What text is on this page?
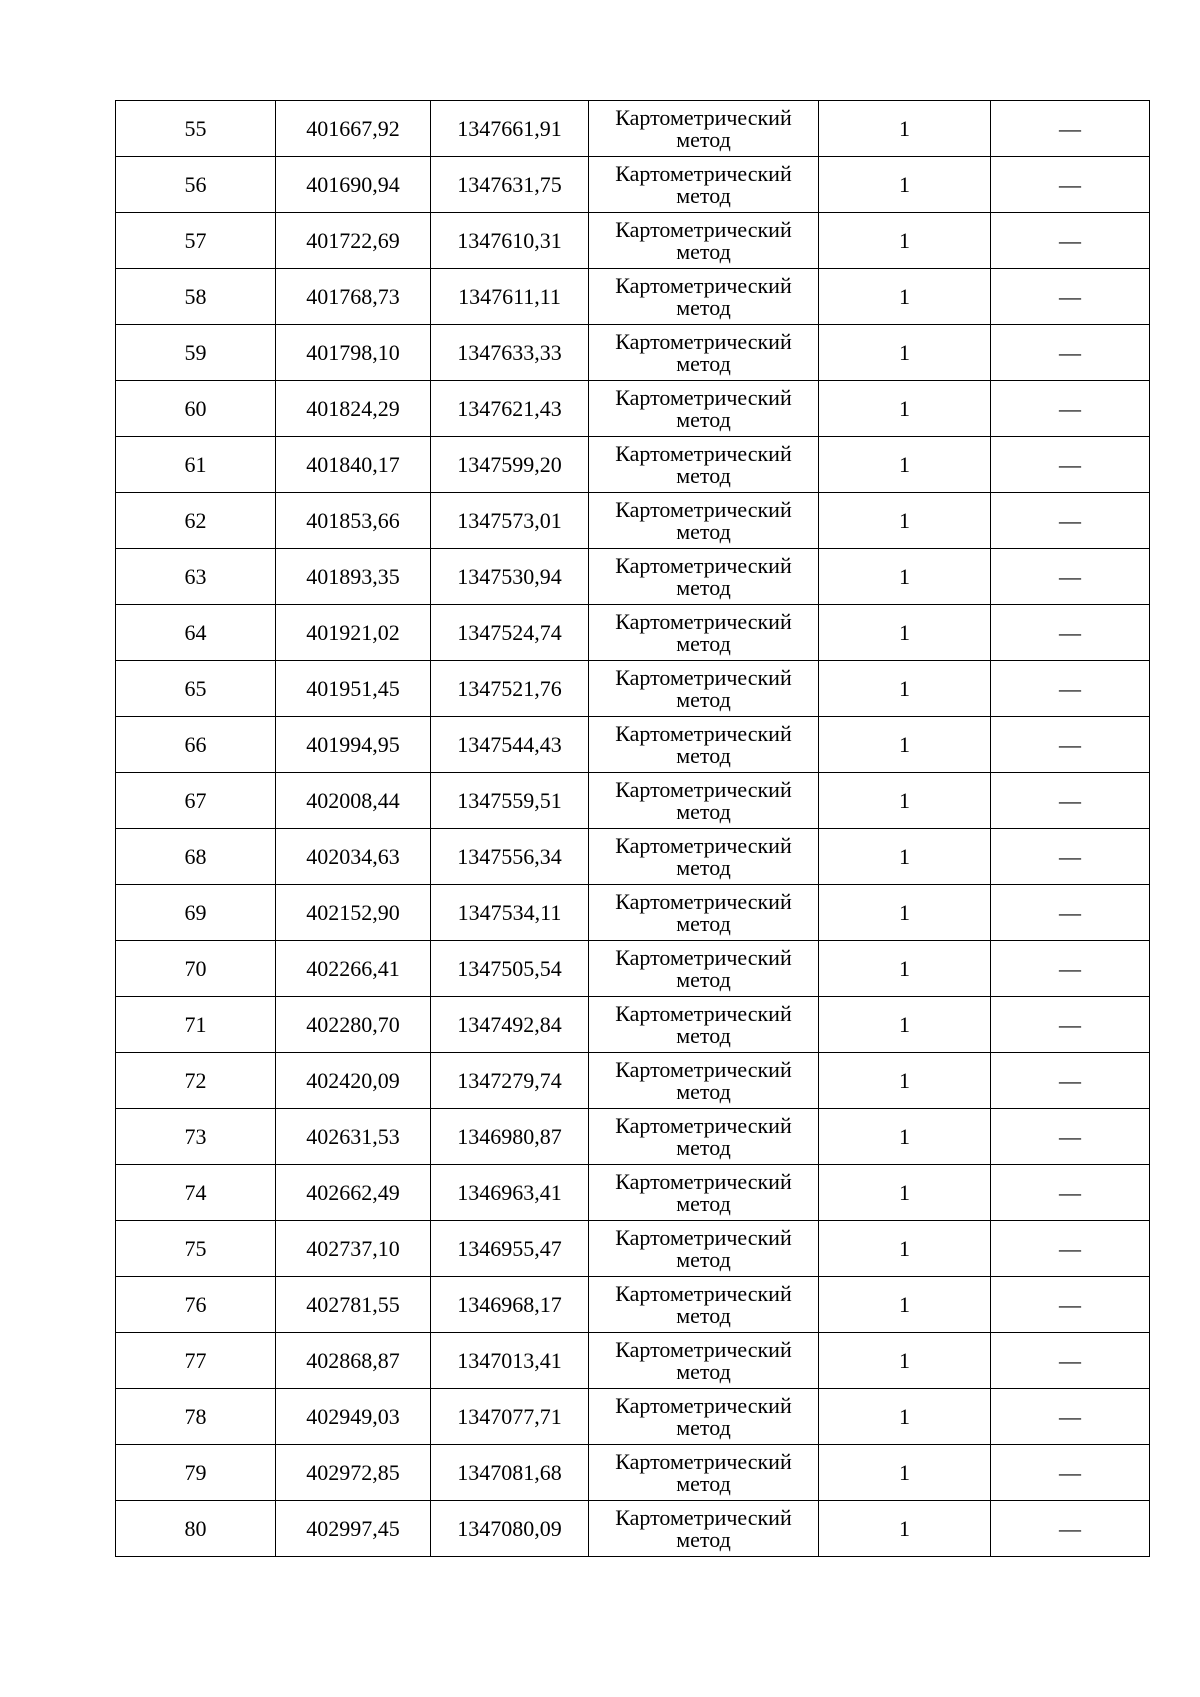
55	401667,92	1347661,91	Картометрический
метод	1	—
56	401690,94	1347631,75	Картометрический
метод	1	—
57	401722,69	1347610,31	Картометрический
метод	1	—
58	401768,73	1347611,11	Картометрический
метод	1	—
59	401798,10	1347633,33	Картометрический
метод	1	—
60	401824,29	1347621,43	Картометрический
метод	1	—
61	401840,17	1347599,20	Картометрический
метод	1	—
62	401853,66	1347573,01	Картометрический
метод	1	—
63	401893,35	1347530,94	Картометрический
метод	1	—
64	401921,02	1347524,74	Картометрический
метод	1	—
65	401951,45	1347521,76	Картометрический
метод	1	—
66	401994,95	1347544,43	Картометрический
метод	1	—
67	402008,44	1347559,51	Картометрический
метод	1	—
68	402034,63	1347556,34	Картометрический
метод	1	—
69	402152,90	1347534,11	Картометрический
метод	1	—
70	402266,41	1347505,54	Картометрический
метод	1	—
71	402280,70	1347492,84	Картометрический
метод	1	—
72	402420,09	1347279,74	Картометрический
метод	1	—
73	402631,53	1346980,87	Картометрический
метод	1	—
74	402662,49	1346963,41	Картометрический
метод	1	—
75	402737,10	1346955,47	Картометрический
метод	1	—
76	402781,55	1346968,17	Картометрический
метод	1	—
77	402868,87	1347013,41	Картометрический
метод	1	—
78	402949,03	1347077,71	Картометрический
метод	1	—
79	402972,85	1347081,68	Картометрический
метод	1	—
80	402997,45	1347080,09	Картометрический
метод	1	—
